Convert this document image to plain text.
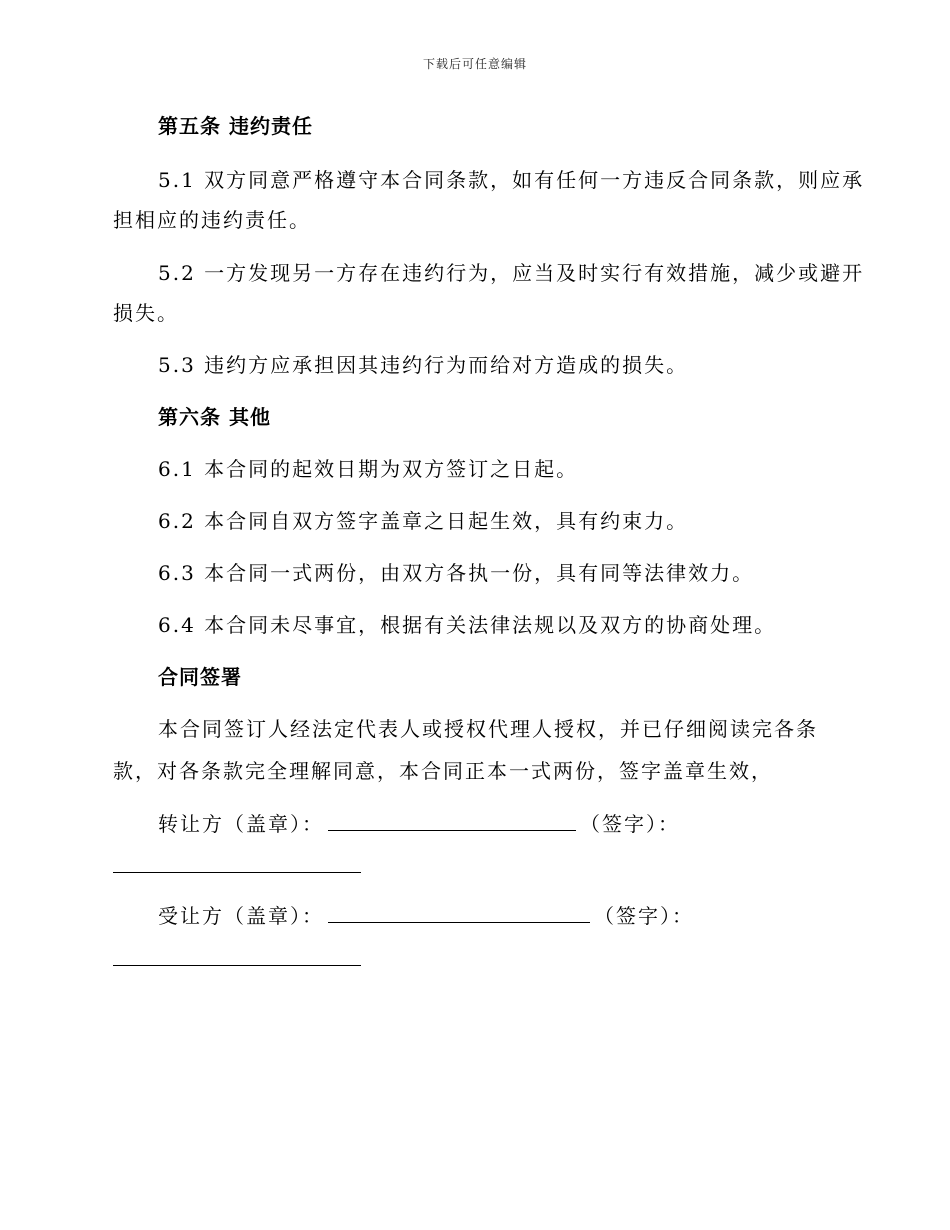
下载后可任意编辑
第五条 违约责任
5.1 双方同意严格遵守本合同条款，如有任何一方违反合同条款，则应承
担相应的违约责任。
5.2 一方发现另一方存在违约行为，应当及时实行有效措施，减少或避开
损失。
5.3 违约方应承担因其违约行为而给对方造成的损失。
第六条 其他
6.1 本合同的起效日期为双方签订之日起。
6.2 本合同自双方签字盖章之日起生效，具有约束力。
6.3 本合同一式两份，由双方各执一份，具有同等法律效力。
6.4 本合同未尽事宜，根据有关法律法规以及双方的协商处理。
合同签署
本合同签订人经法定代表人或授权代理人授权，并已仔细阅读完各条
款，对各条款完全理解同意，本合同正本一式两份，签字盖章生效，
转让方（盖章）：	（签字）：
受让方（盖章）：	（签字）：
